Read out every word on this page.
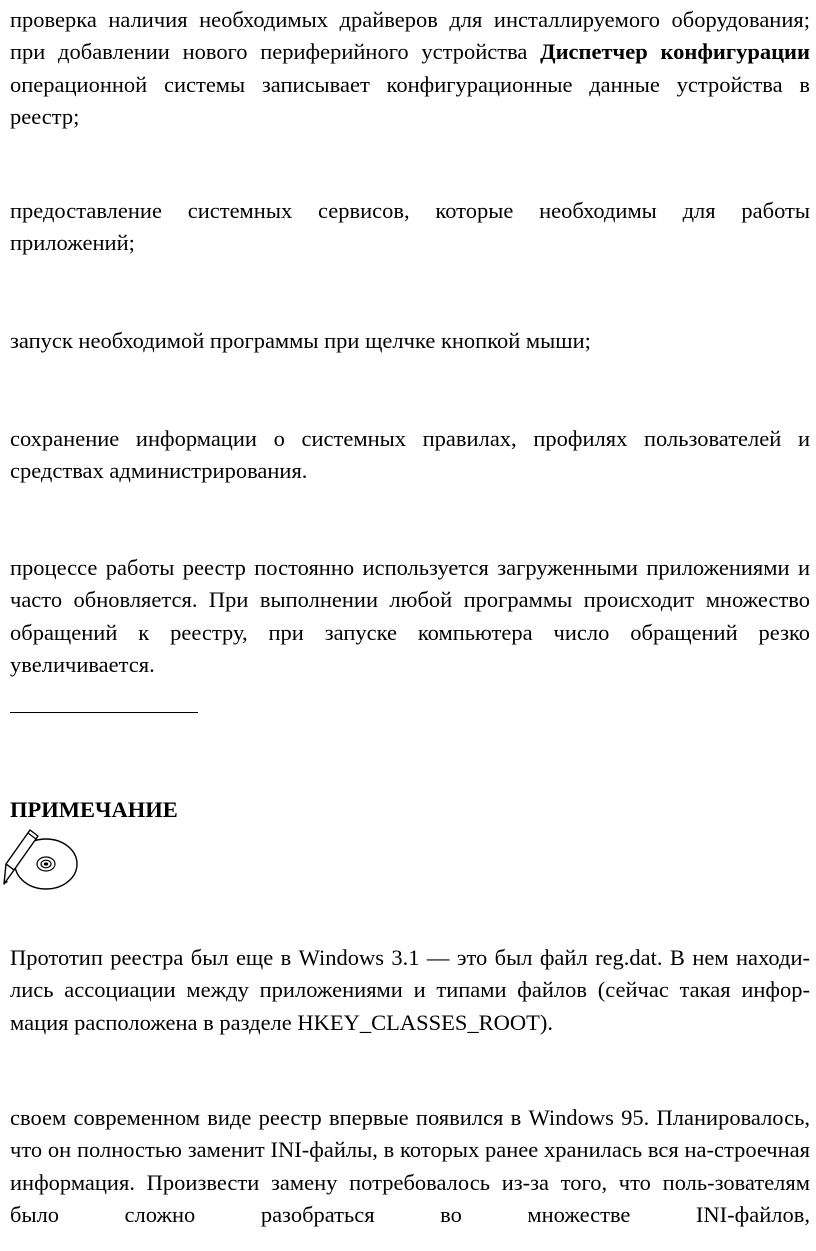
проверка наличия необходимых драйверов для инсталлируемого оборудования; при добавлении нового периферийного устройства Диспетчер конфигурации операционной системы записывает конфигурационные данные устройства в реестр;

предоставление системных сервисов, которые необходимы для работы приложений;

запуск необходимой программы при щелчке кнопкой мыши;

сохранение информации о системных правилах, профилях пользователей и средствах администрирования.

процессе работы реестр постоянно используется загруженными приложениями и часто обновляется. При выполнении любой программы происходит множество обращений к реестру, при запуске компьютера число обращений резко увеличивается.

ПРИМЕЧАНИЕ

Прототип реестра был еще в Windows 3.1 — это был файл reg.dat. В нем находи-лись ассоциации между приложениями и типами файлов (сейчас такая инфор-мация расположена в разделе HKEY_CLASSES_ROOT).

своем современном виде реестр впервые появился в Windows 95. Планировалось, что он полностью заменит INI-файлы, в которых ранее хранилась вся на-строечная информация. Произвести замену потребовалось из-за того, что поль-зователям было сложно разобраться во множестве INI-файлов,
